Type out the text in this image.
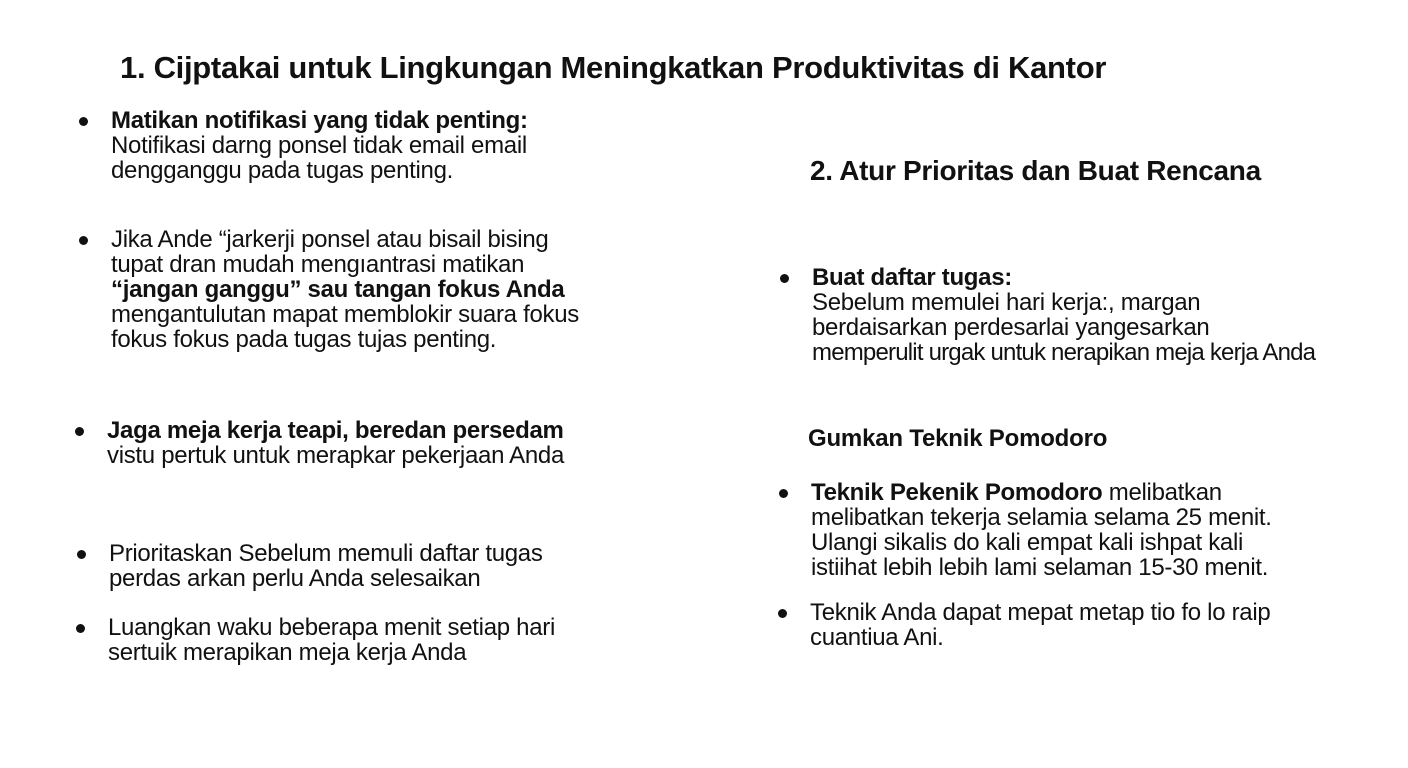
1. Cijptakai untuk Lingkungan Meningkatkan Produktivitas di Kantor
Matikan notifikasi yang tidak penting:
Notifikasi darng ponsel tidak email email
dengganggu pada tugas penting.
Jika Ande “jarkerji ponsel atau bisail bising
tupat dran mudah mengıantrasi matikan
“jangan ganggu” sau tangan fokus Anda
mengantulutan mapat memblokir suara fokus
fokus fokus pada tugas tujas penting.
Jaga meja kerja teapi, beredan persedam
vistu pertuk untuk merapkar pekerjaan Anda
Prioritaskan Sebelum memuli daftar tugas
perdas arkan perlu Anda selesaikan
Luangkan waku beberapa menit setiap hari
sertuik merapikan meja kerja Anda
2. Atur Prioritas dan Buat Rencana
Buat daftar tugas:
Sebelum memulei hari kerja:, margan
berdaisarkan perdesarlai yangesarkan
memperulit urgak untuk nerapikan meja kerja Anda
Gumkan Teknik Pomodoro
Teknik Pekenik Pomodoro melibatkan
melibatkan tekerja selamia selama 25 menit.
Ulangi sikalis do kali empat kali ishpat kali
istiihat lebih lebih lami selaman 15-30 menit.
Teknik Anda dapat mepat metap tio fo lo raip
cuantiua Ani.
